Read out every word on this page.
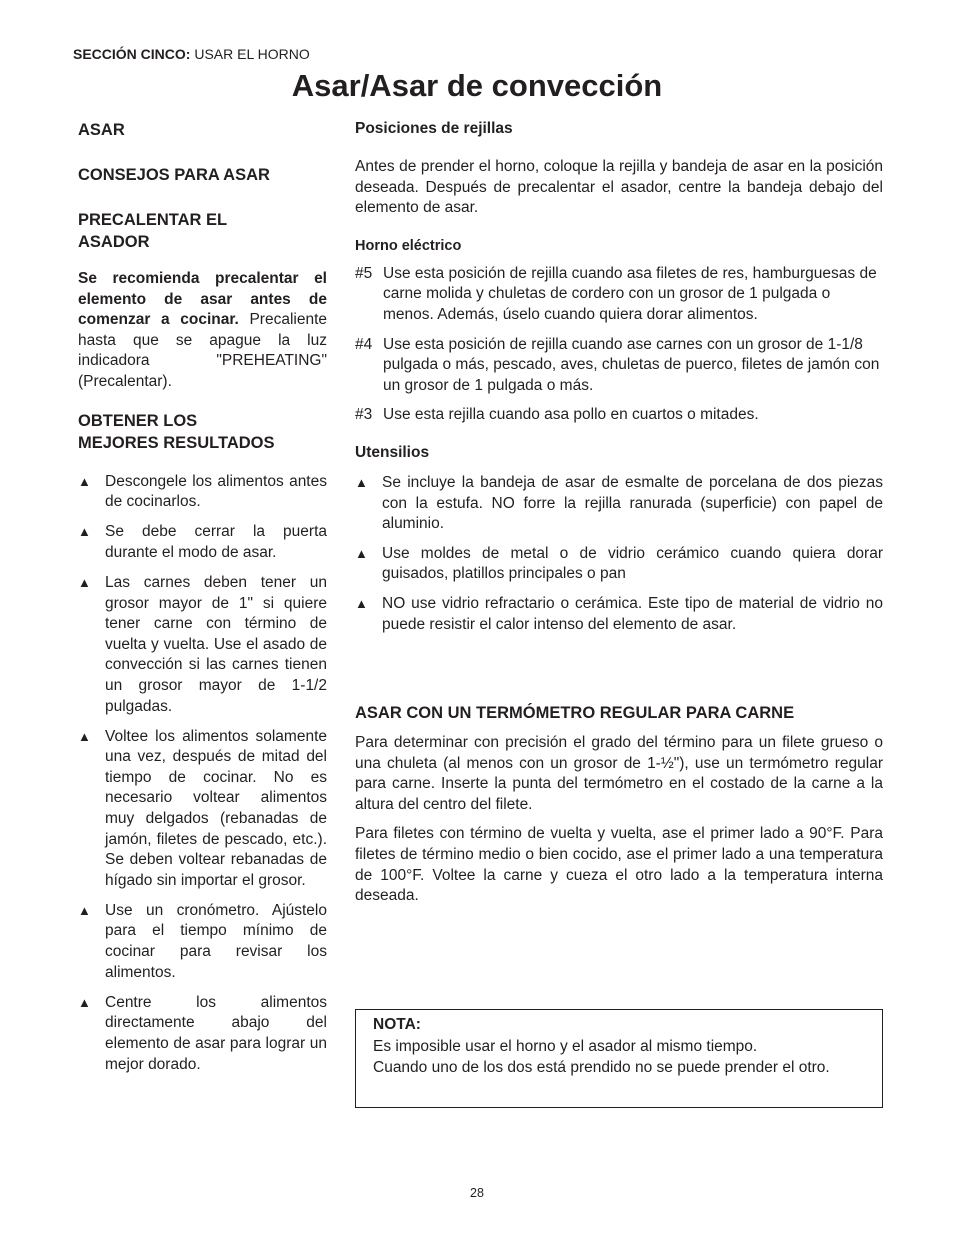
SECCIÓN CINCO: USAR EL HORNO
Asar/Asar de convección
ASAR
CONSEJOS PARA ASAR
PRECALENTAR EL
ASADOR

Se recomienda precalentar el elemento de asar antes de comenzar a cocinar. Precaliente hasta que se apague la luz indicadora "PREHEATING" (Precalentar).

OBTENER LOS
MEJORES RESULTADOS
▲ Descongele los alimentos antes de cocinarlos.
▲ Se debe cerrar la puerta durante el modo de asar.
▲ Las carnes deben tener un grosor mayor de 1" si quiere tener carne con término de vuelta y vuelta. Use el asado de convección si las carnes tienen un grosor mayor de 1-1/2 pulgadas.
▲ Voltee los alimentos solamente una vez, después de mitad del tiempo de cocinar. No es necesario voltear alimentos muy delgados (rebanadas de jamón, filetes de pescado, etc.). Se deben voltear rebanadas de hígado sin importar el grosor.
▲ Use un cronómetro. Ajústelo para el tiempo mínimo de cocinar para revisar los alimentos.
▲ Centre los alimentos directamente abajo del elemento de asar para lograr un mejor dorado.
Posiciones de rejillas

Antes de prender el horno, coloque la rejilla y bandeja de asar en la posición deseada. Después de precalentar el asador, centre la bandeja debajo del elemento de asar.

Horno eléctrico
#5 Use esta posición de rejilla cuando asa filetes de res, hamburguesas de carne molida y chuletas de cordero con un grosor de 1 pulgada o menos. Además, úselo cuando quiera dorar alimentos.
#4 Use esta posición de rejilla cuando ase carnes con un grosor de 1-1/8 pulgada o más, pescado, aves, chuletas de puerco, filetes de jamón con un grosor de 1 pulgada o más.
#3 Use esta rejilla cuando asa pollo en cuartos o mitades.
Utensilios
▲ Se incluye la bandeja de asar de esmalte de porcelana de dos piezas con la estufa. NO forre la rejilla ranurada (superficie) con papel de aluminio.
▲ Use moldes de metal o de vidrio cerámico cuando quiera dorar guisados, platillos principales o pan
▲ NO use vidrio refractario o cerámica. Este tipo de material de vidrio no puede resistir el calor intenso del elemento de asar.
ASAR CON UN TERMÓMETRO REGULAR PARA CARNE

Para determinar con precisión el grado del término para un filete grueso o una chuleta (al menos con un grosor de 1-½"), use un termómetro regular para carne. Inserte la punta del termómetro en el costado de la carne a la altura del centro del filete.

Para filetes con término de vuelta y vuelta, ase el primer lado a 90°F. Para filetes de término medio o bien cocido, ase el primer lado a una temperatura de 100°F. Voltee la carne y cueza el otro lado a la temperatura interna deseada.

NOTA:
Es imposible usar el horno y el asador al mismo tiempo.
Cuando uno de los dos está prendido no se puede prender el otro.
28
